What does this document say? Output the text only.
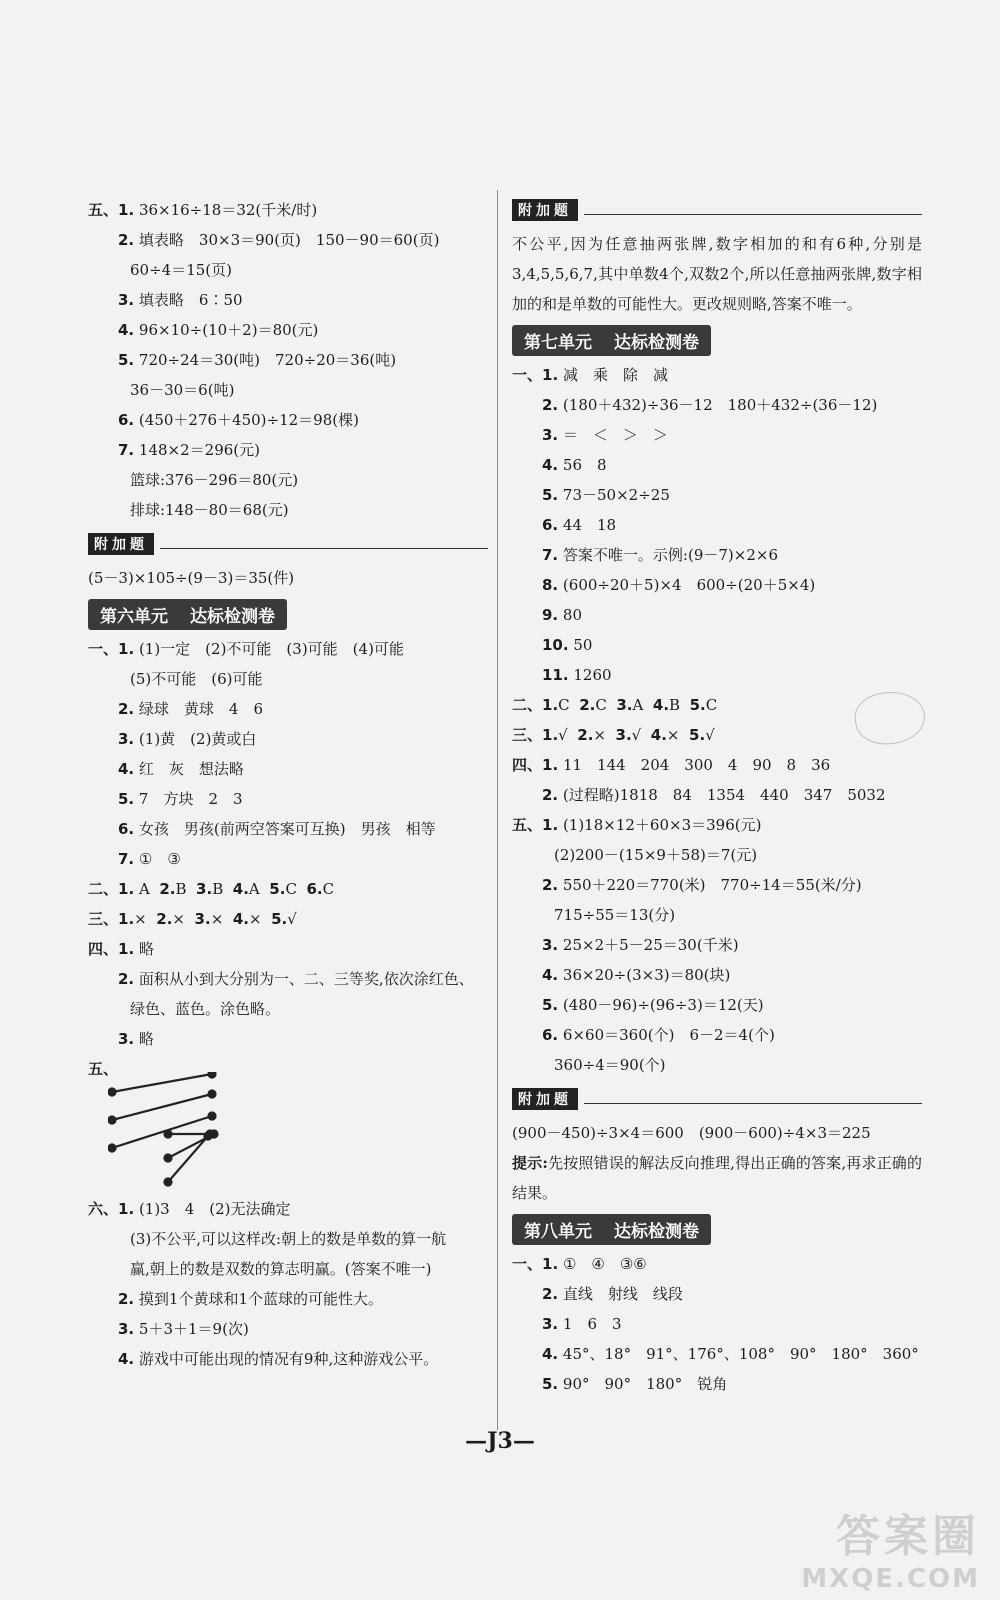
五、1. 36×16÷18＝32(千米/时)
2. 填表略　30×3＝90(页)　150－90＝60(页)
60÷4＝15(页)
3. 填表略　6∶50
4. 96×10÷(10＋2)＝80(元)
5. 720÷24＝30(吨)　720÷20＝36(吨)
36－30＝6(吨)
6. (450＋276＋450)÷12＝98(棵)
7. 148×2＝296(元)
篮球:376－296＝80(元)
排球:148－80＝68(元)
附加题
(5－3)×105÷(9－3)＝35(件)
第六单元 达标检测卷
一、1. (1)一定　(2)不可能　(3)可能　(4)可能
(5)不可能　(6)可能
2. 绿球　黄球　4　6
3. (1)黄　(2)黄或白
4. 红　灰　想法略
5. 7　方块　2　3
6. 女孩　男孩(前两空答案可互换)　男孩　相等
7. ①　③
二、1. A 2.B 3.B 4.A 5.C 6.C
三、1.× 2.× 3.× 4.× 5.√
四、1. 略
2. 面积从小到大分别为一、二、三等奖,依次涂红色、
绿色、蓝色。涂色略。
3. 略
五、
六、1. (1)3　4　(2)无法确定
(3)不公平,可以这样改:朝上的数是单数的算一航
赢,朝上的数是双数的算志明赢。(答案不唯一)
2. 摸到1个黄球和1个蓝球的可能性大。
3. 5＋3＋1＝9(次)
4. 游戏中可能出现的情况有9种,这种游戏公平。
附加题
不公平,因为任意抽两张牌,数字相加的和有6种,分别是3,4,5,5,6,7,其中单数4个,双数2个,所以任意抽两张牌,数字相加的和是单数的可能性大。更改规则略,答案不唯一。
第七单元 达标检测卷
一、1. 减　乘　除　减
2. (180＋432)÷36－12　180＋432÷(36－12)
3. ＝　＜　＞　＞
4. 56　8
5. 73－50×2÷25
6. 44　18
7. 答案不唯一。示例:(9－7)×2×6
8. (600÷20＋5)×4　600÷(20＋5×4)
9. 80
10. 50
11. 1260
二、1.C 2.C 3.A 4.B 5.C
三、1.√ 2.× 3.√ 4.× 5.√
四、1. 11　144　204　300　4　90　8　36
2. (过程略)1818　84　1354　440　347　5032
五、1. (1)18×12＋60×3＝396(元)
(2)200－(15×9＋58)＝7(元)
2. 550＋220＝770(米)　770÷14＝55(米/分)
715÷55＝13(分)
3. 25×2＋5－25＝30(千米)
4. 36×20÷(3×3)＝80(块)
5. (480－96)÷(96÷3)＝12(天)
6. 6×60＝360(个)　6－2＝4(个)
360÷4＝90(个)
附加题
(900－450)÷3×4＝600　(900－600)÷4×3＝225
提示:先按照错误的解法反向推理,得出正确的答案,再求正确的结果。
第八单元 达标检测卷
一、1. ①　④　③⑥
2. 直线　射线　线段
3. 1　6　3
4. 45°、18°　91°、176°、108°　90°　180°　360°
5. 90°　90°　180°　锐角
—J3—
答案圈
MXQE.COM
